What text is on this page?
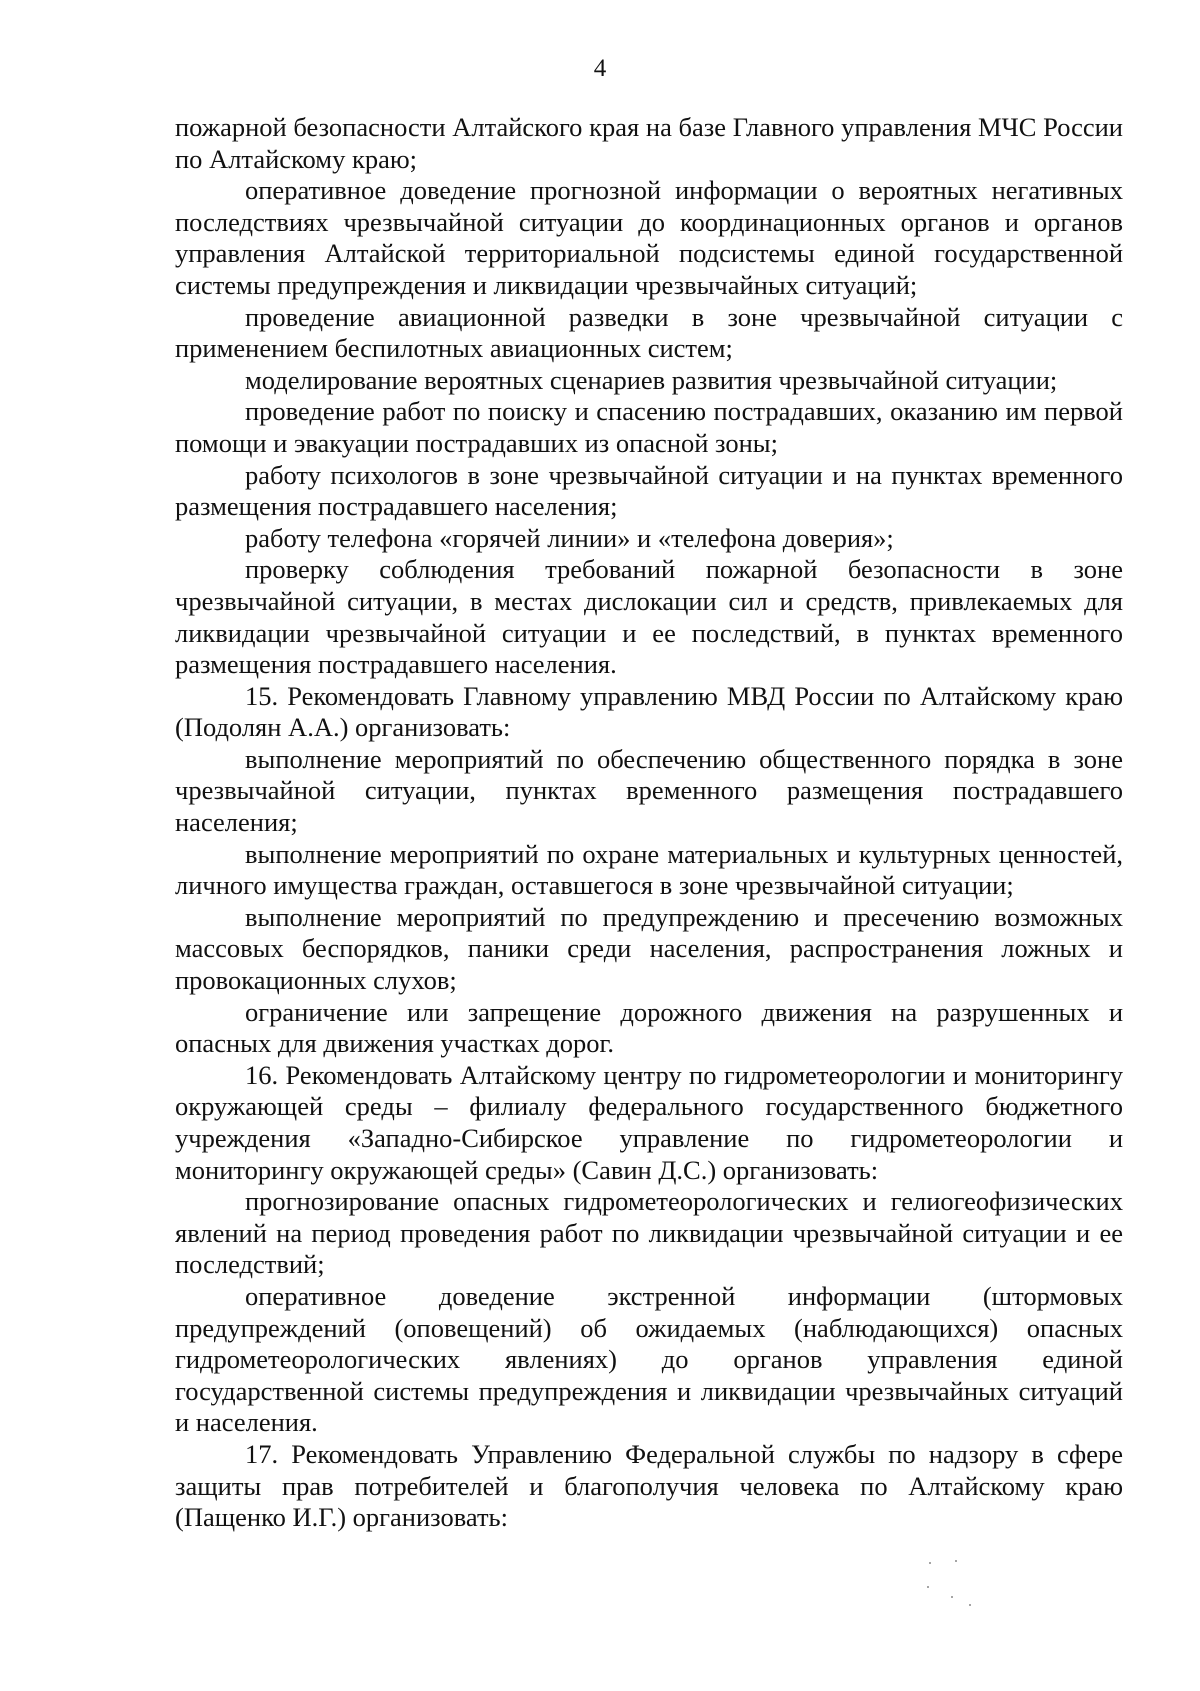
4

пожарной безопасности Алтайского края на базе Главного управления МЧС России по Алтайскому краю;

оперативное доведение прогнозной информации о вероятных негативных последствиях чрезвычайной ситуации до координационных органов и органов управления Алтайской территориальной подсистемы единой государственной системы предупреждения и ликвидации чрезвычайных ситуаций;

проведение авиационной разведки в зоне чрезвычайной ситуации с применением беспилотных авиационных систем;

моделирование вероятных сценариев развития чрезвычайной ситуации;

проведение работ по поиску и спасению пострадавших, оказанию им первой помощи и эвакуации пострадавших из опасной зоны;

работу психологов в зоне чрезвычайной ситуации и на пунктах временного размещения пострадавшего населения;

работу телефона «горячей линии» и «телефона доверия»;

проверку соблюдения требований пожарной безопасности в зоне чрезвычайной ситуации, в местах дислокации сил и средств, привлекаемых для ликвидации чрезвычайной ситуации и ее последствий, в пунктах временного размещения пострадавшего населения.

15. Рекомендовать Главному управлению МВД России по Алтайскому краю (Подолян А.А.) организовать:

выполнение мероприятий по обеспечению общественного порядка в зоне чрезвычайной ситуации, пунктах временного размещения пострадавшего населения;

выполнение мероприятий по охране материальных и культурных ценностей, личного имущества граждан, оставшегося в зоне чрезвычайной ситуации;

выполнение мероприятий по предупреждению и пресечению возможных массовых беспорядков, паники среди населения, распространения ложных и провокационных слухов;

ограничение или запрещение дорожного движения на разрушенных и опасных для движения участках дорог.

16. Рекомендовать Алтайскому центру по гидрометеорологии и мониторингу окружающей среды – филиалу федерального государственного бюджетного учреждения «Западно-Сибирское управление по гидрометеорологии и мониторингу окружающей среды» (Савин Д.С.) организовать:

прогнозирование опасных гидрометеорологических и гелиогеофизических явлений на период проведения работ по ликвидации чрезвычайной ситуации и ее последствий;

оперативное доведение экстренной информации (штормовых предупреждений (оповещений) об ожидаемых (наблюдающихся) опасных гидрометеорологических явлениях) до органов управления единой государственной системы предупреждения и ликвидации чрезвычайных ситуаций и населения.

17. Рекомендовать Управлению Федеральной службы по надзору в сфере защиты прав потребителей и благополучия человека по Алтайскому краю (Пащенко И.Г.) организовать:
